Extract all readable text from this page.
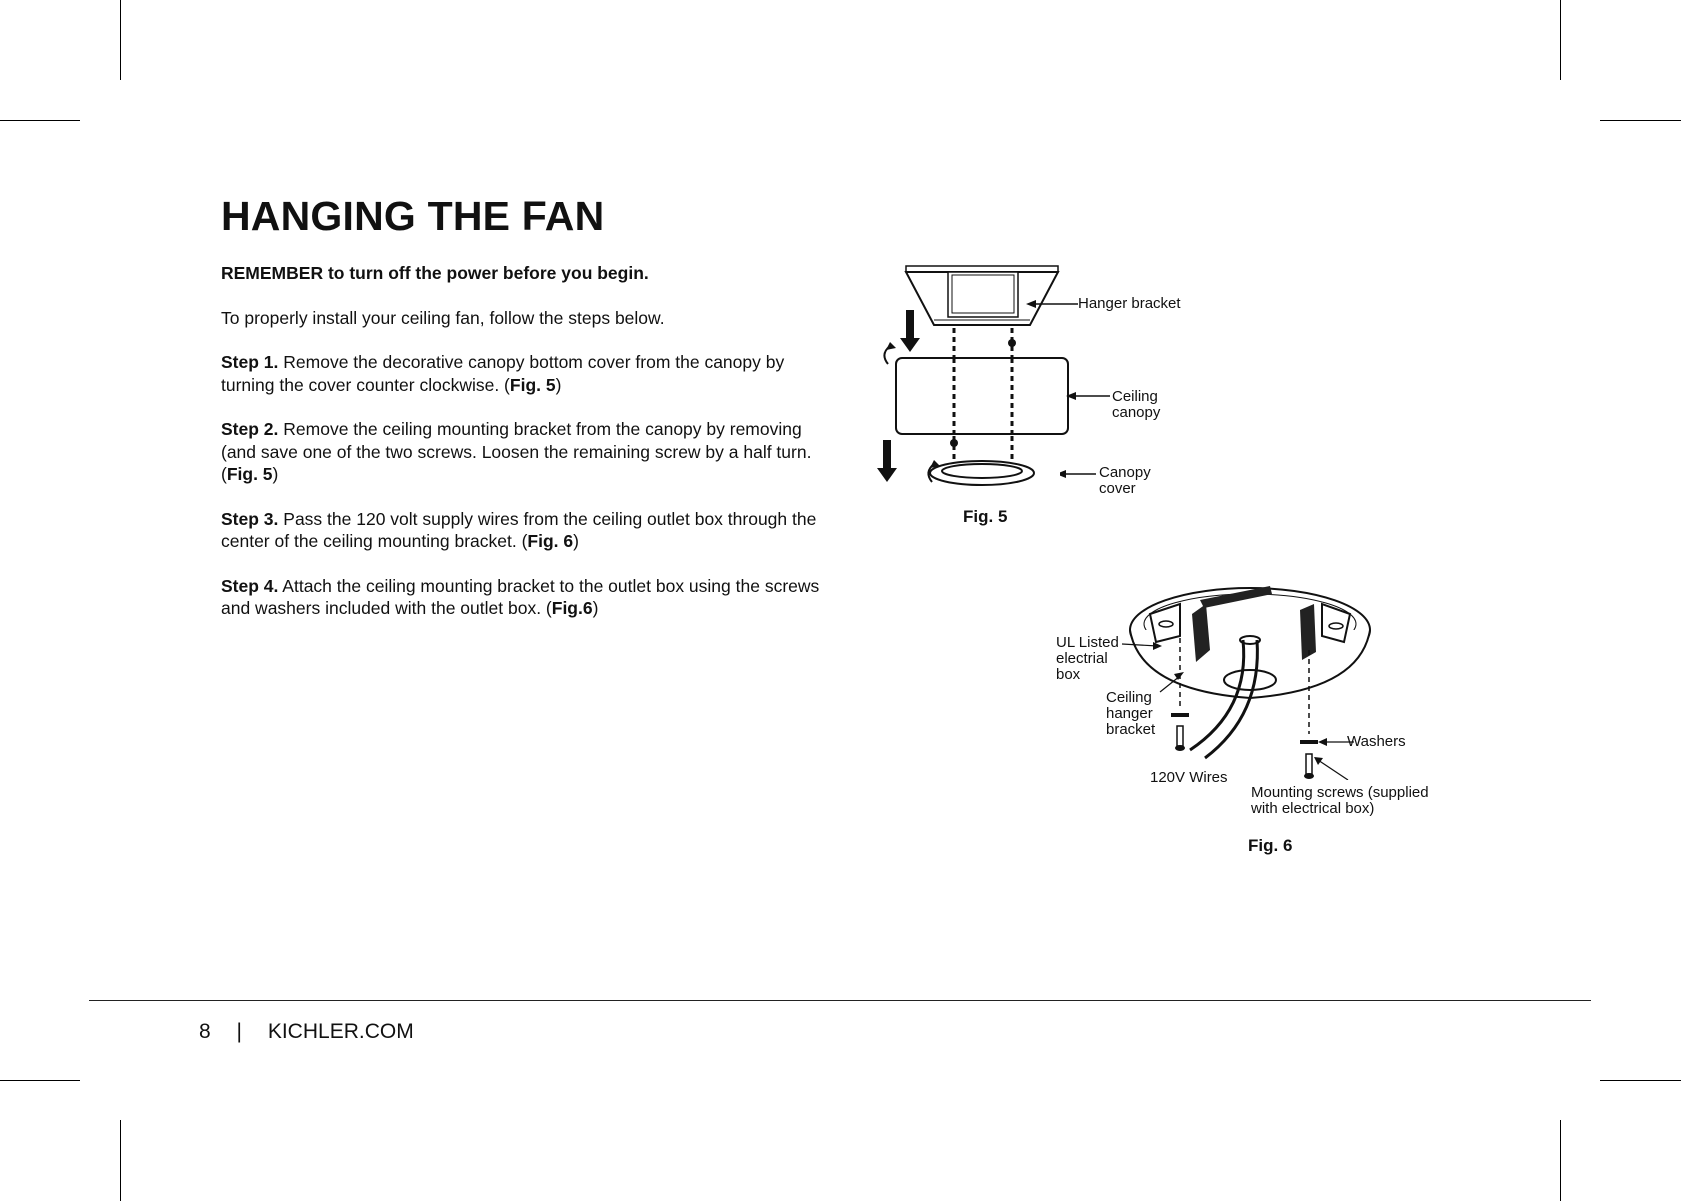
HANGING THE FAN

REMEMBER to turn off the power before you begin.

To properly install your ceiling fan, follow the steps below.

Step 1. Remove the decorative canopy bottom cover from the canopy by turning the cover counter clockwise. (Fig. 5)

Step 2. Remove the ceiling mounting bracket from the canopy by removing (and save one of the two screws. Loosen the remaining screw by a half turn. (Fig. 5)

Step 3. Pass the 120 volt supply wires from the ceiling outlet box through the center of the ceiling mounting bracket. (Fig. 6)

Step 4. Attach the ceiling mounting bracket to the outlet box using the screws and washers included with the outlet box. (Fig.6)

Hanger bracket
Ceiling
canopy
Canopy
cover
Fig. 5
UL Listed
electrial
box
Ceiling
hanger
bracket
120V Wires
Washers
Mounting screws (supplied
with electrical box)
Fig. 6
8 | KICHLER.COM
